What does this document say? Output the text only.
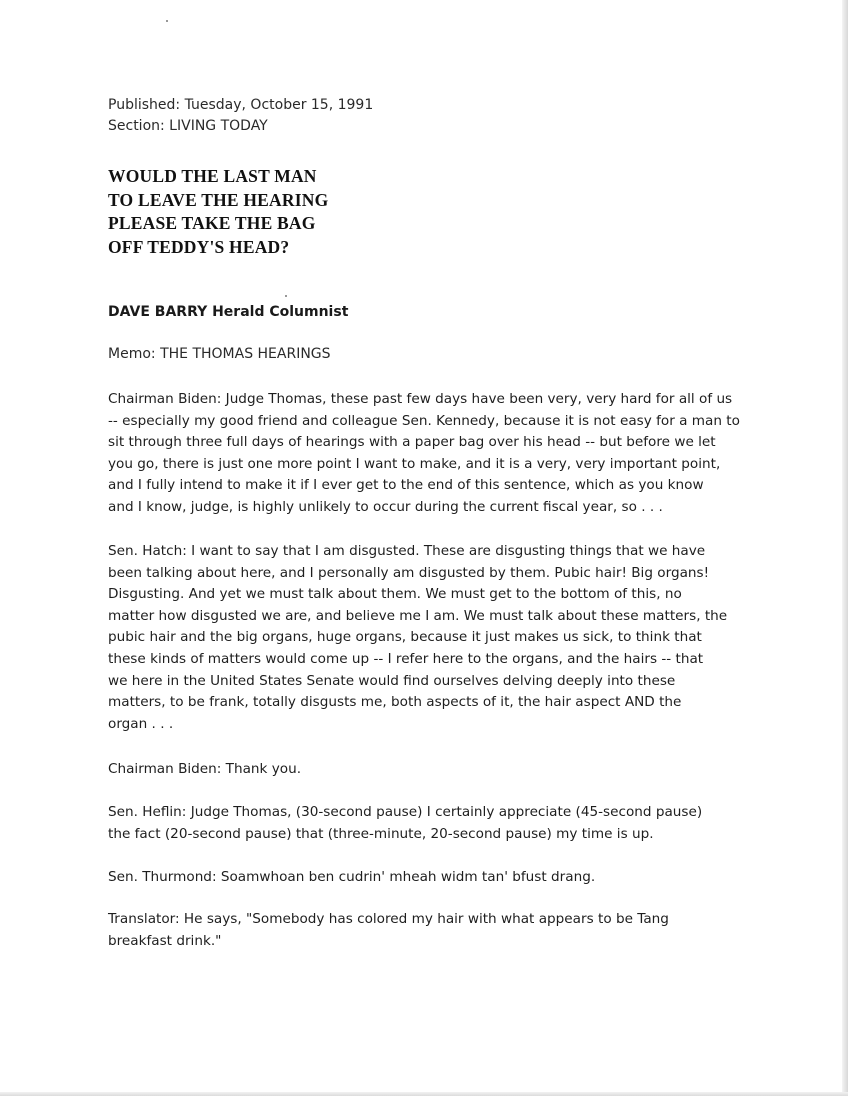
Published: Tuesday, October 15, 1991
Section: LIVING TODAY
WOULD THE LAST MAN
TO LEAVE THE HEARING
PLEASE TAKE THE BAG
OFF TEDDY'S HEAD?
DAVE BARRY Herald Columnist
Memo: THE THOMAS HEARINGS
Chairman Biden: Judge Thomas, these past few days have been very, very hard for all of us
-- especially my good friend and colleague Sen. Kennedy, because it is not easy for a man to
sit through three full days of hearings with a paper bag over his head -- but before we let
you go, there is just one more point I want to make, and it is a very, very important point,
and I fully intend to make it if I ever get to the end of this sentence, which as you know
and I know, judge, is highly unlikely to occur during the current fiscal year, so . . .
Sen. Hatch: I want to say that I am disgusted. These are disgusting things that we have
been talking about here, and I personally am disgusted by them. Pubic hair! Big organs!
Disgusting. And yet we must talk about them. We must get to the bottom of this, no
matter how disgusted we are, and believe me I am. We must talk about these matters, the
pubic hair and the big organs, huge organs, because it just makes us sick, to think that
these kinds of matters would come up -- I refer here to the organs, and the hairs -- that
we here in the United States Senate would find ourselves delving deeply into these
matters, to be frank, totally disgusts me, both aspects of it, the hair aspect AND the
organ . . .
Chairman Biden: Thank you.
Sen. Heflin: Judge Thomas, (30-second pause) I certainly appreciate (45-second pause)
the fact (20-second pause) that (three-minute, 20-second pause) my time is up.
Sen. Thurmond: Soamwhoan ben cudrin' mheah widm tan' bfust drang.
Translator: He says, "Somebody has colored my hair with what appears to be Tang
breakfast drink."
